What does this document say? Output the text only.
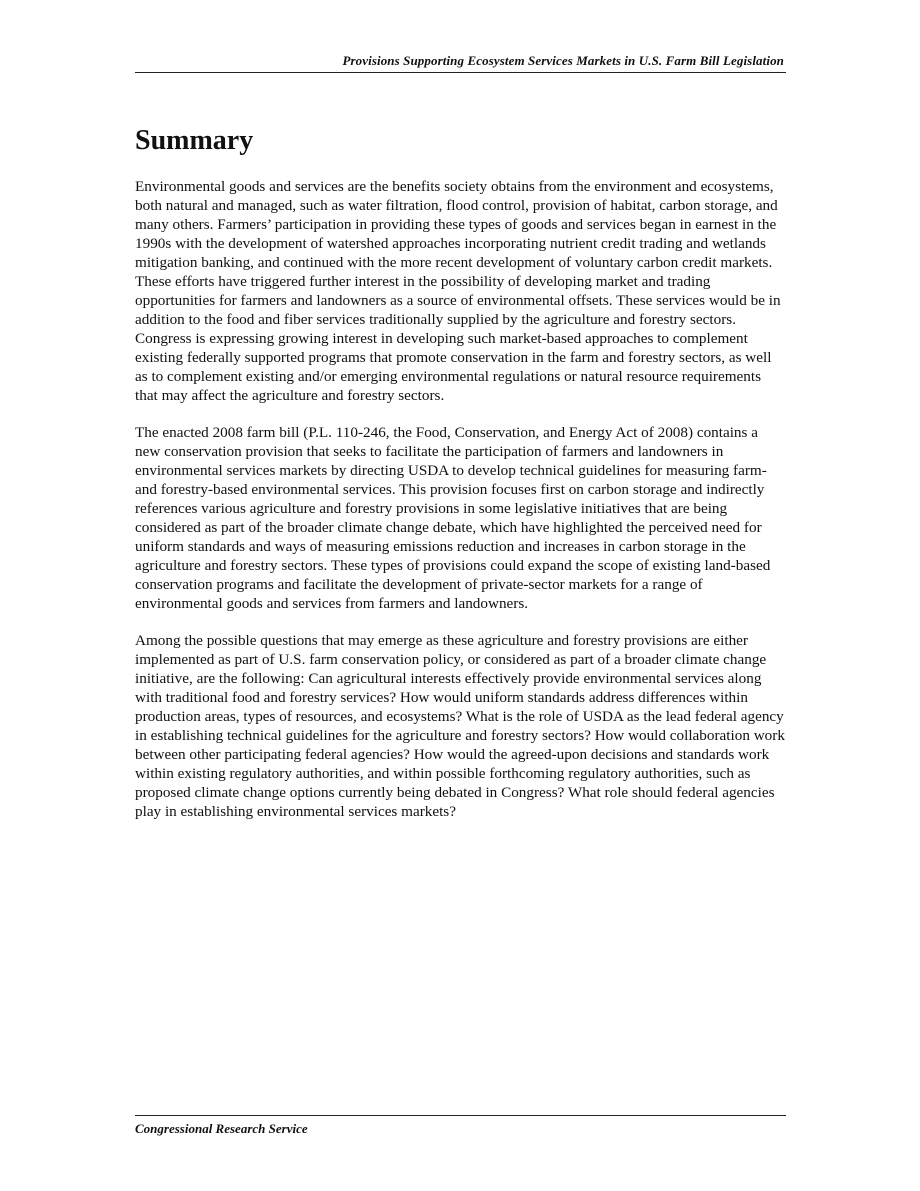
Provisions Supporting Ecosystem Services Markets in U.S. Farm Bill Legislation
Summary

Environmental goods and services are the benefits society obtains from the environment and ecosystems, both natural and managed, such as water filtration, flood control, provision of habitat, carbon storage, and many others. Farmers’ participation in providing these types of goods and services began in earnest in the 1990s with the development of watershed approaches incorporating nutrient credit trading and wetlands mitigation banking, and continued with the more recent development of voluntary carbon credit markets. These efforts have triggered further interest in the possibility of developing market and trading opportunities for farmers and landowners as a source of environmental offsets. These services would be in addition to the food and fiber services traditionally supplied by the agriculture and forestry sectors. Congress is expressing growing interest in developing such market-based approaches to complement existing federally supported programs that promote conservation in the farm and forestry sectors, as well as to complement existing and/or emerging environmental regulations or natural resource requirements that may affect the agriculture and forestry sectors.

The enacted 2008 farm bill (P.L. 110-246, the Food, Conservation, and Energy Act of 2008) contains a new conservation provision that seeks to facilitate the participation of farmers and landowners in environmental services markets by directing USDA to develop technical guidelines for measuring farm- and forestry-based environmental services. This provision focuses first on carbon storage and indirectly references various agriculture and forestry provisions in some legislative initiatives that are being considered as part of the broader climate change debate, which have highlighted the perceived need for uniform standards and ways of measuring emissions reduction and increases in carbon storage in the agriculture and forestry sectors. These types of provisions could expand the scope of existing land-based conservation programs and facilitate the development of private-sector markets for a range of environmental goods and services from farmers and landowners.

Among the possible questions that may emerge as these agriculture and forestry provisions are either implemented as part of U.S. farm conservation policy, or considered as part of a broader climate change initiative, are the following: Can agricultural interests effectively provide environmental services along with traditional food and forestry services? How would uniform standards address differences within production areas, types of resources, and ecosystems? What is the role of USDA as the lead federal agency in establishing technical guidelines for the agriculture and forestry sectors? How would collaboration work between other participating federal agencies? How would the agreed-upon decisions and standards work within existing regulatory authorities, and within possible forthcoming regulatory authorities, such as proposed climate change options currently being debated in Congress? What role should federal agencies play in establishing environmental services markets?

Congressional Research Service
